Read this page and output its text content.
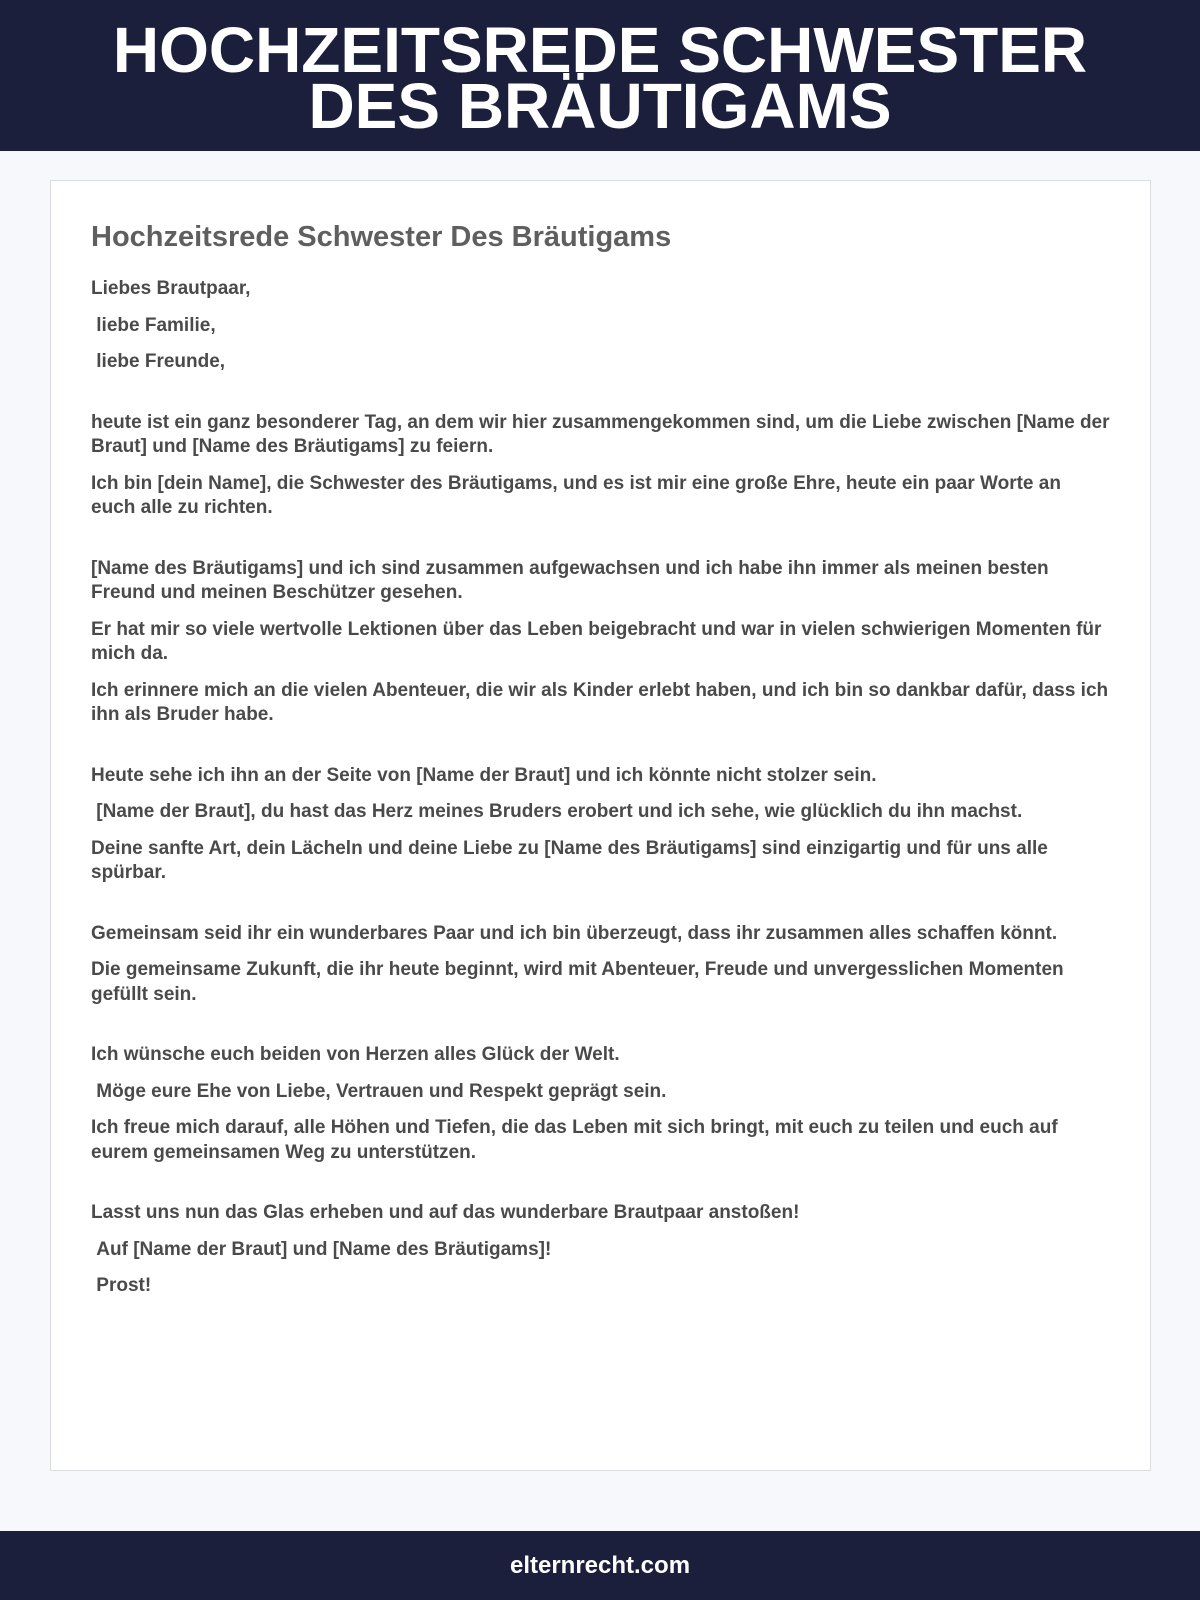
HOCHZEITSREDE SCHWESTER DES BRÄUTIGAMS
Hochzeitsrede Schwester Des Bräutigams

Liebes Brautpaar,

liebe Familie,

liebe Freunde,

heute ist ein ganz besonderer Tag, an dem wir hier zusammengekommen sind, um die Liebe zwischen [Name der Braut] und [Name des Bräutigams] zu feiern.

Ich bin [dein Name], die Schwester des Bräutigams, und es ist mir eine große Ehre, heute ein paar Worte an euch alle zu richten.

[Name des Bräutigams] und ich sind zusammen aufgewachsen und ich habe ihn immer als meinen besten Freund und meinen Beschützer gesehen.

Er hat mir so viele wertvolle Lektionen über das Leben beigebracht und war in vielen schwierigen Momenten für mich da.

Ich erinnere mich an die vielen Abenteuer, die wir als Kinder erlebt haben, und ich bin so dankbar dafür, dass ich ihn als Bruder habe.

Heute sehe ich ihn an der Seite von [Name der Braut] und ich könnte nicht stolzer sein.

[Name der Braut], du hast das Herz meines Bruders erobert und ich sehe, wie glücklich du ihn machst.

Deine sanfte Art, dein Lächeln und deine Liebe zu [Name des Bräutigams] sind einzigartig und für uns alle spürbar.

Gemeinsam seid ihr ein wunderbares Paar und ich bin überzeugt, dass ihr zusammen alles schaffen könnt.

Die gemeinsame Zukunft, die ihr heute beginnt, wird mit Abenteuer, Freude und unvergesslichen Momenten gefüllt sein.

Ich wünsche euch beiden von Herzen alles Glück der Welt.

Möge eure Ehe von Liebe, Vertrauen und Respekt geprägt sein.

Ich freue mich darauf, alle Höhen und Tiefen, die das Leben mit sich bringt, mit euch zu teilen und euch auf eurem gemeinsamen Weg zu unterstützen.

Lasst uns nun das Glas erheben und auf das wunderbare Brautpaar anstoßen!

Auf [Name der Braut] und [Name des Bräutigams]!

Prost!

elternrecht.com
